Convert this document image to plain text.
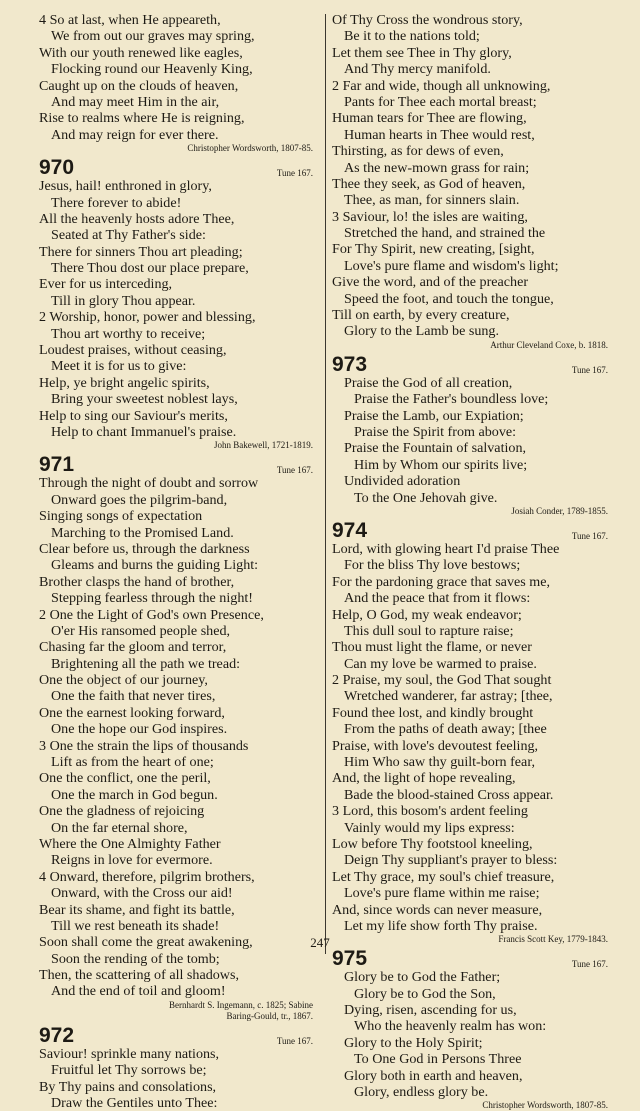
4 So at last, when He appeareth,
We from out our graves may spring,
With our youth renewed like eagles,
Flocking round our Heavenly King,
Caught up on the clouds of heaven,
And may meet Him in the air,
Rise to realms where He is reigning,
And may reign for ever there.
Christopher Wordsworth, 1807-85.
970	Tune 167.
Jesus, hail! enthroned in glory,
There forever to abide!
All the heavenly hosts adore Thee,
Seated at Thy Father's side:
There for sinners Thou art pleading;
There Thou dost our place prepare,
Ever for us interceding,
Till in glory Thou appear.
2 Worship, honor, power and blessing,
Thou art worthy to receive;
Loudest praises, without ceasing,
Meet it is for us to give:
Help, ye bright angelic spirits,
Bring your sweetest noblest lays,
Help to sing our Saviour's merits,
Help to chant Immanuel's praise.
John Bakewell, 1721-1819.
971	Tune 167.
Through the night of doubt and sorrow
Onward goes the pilgrim-band,
Singing songs of expectation
Marching to the Promised Land.
Clear before us, through the darkness
Gleams and burns the guiding Light:
Brother clasps the hand of brother,
Stepping fearless through the night!
2 One the Light of God's own Presence,
O'er His ransomed people shed,
Chasing far the gloom and terror,
Brightening all the path we tread:
One the object of our journey,
One the faith that never tires,
One the earnest looking forward,
One the hope our God inspires.
3 One the strain the lips of thousands
Lift as from the heart of one;
One the conflict, one the peril,
One the march in God begun.
One the gladness of rejoicing
On the far eternal shore,
Where the One Almighty Father
Reigns in love for evermore.
4 Onward, therefore, pilgrim brothers,
Onward, with the Cross our aid!
Bear its shame, and fight its battle,
Till we rest beneath its shade!
Soon shall come the great awakening,
Soon the rending of the tomb;
Then, the scattering of all shadows,
And the end of toil and gloom!
Bernhardt S. Ingemann, c. 1825; Sabine
Baring-Gould, tr., 1867.
972	Tune 167.
Saviour! sprinkle many nations,
Fruitful let Thy sorrows be;
By Thy pains and consolations,
Draw the Gentiles unto Thee:
Of Thy Cross the wondrous story,
Be it to the nations told;
Let them see Thee in Thy glory,
And Thy mercy manifold.
2 Far and wide, though all unknowing,
Pants for Thee each mortal breast;
Human tears for Thee are flowing,
Human hearts in Thee would rest,
Thirsting, as for dews of even,
As the new-mown grass for rain;
Thee they seek, as God of heaven,
Thee, as man, for sinners slain.
3 Saviour, lo! the isles are waiting,
Stretched the hand, and strained the
For Thy Spirit, new creating, [sight,
Love's pure flame and wisdom's light;
Give the word, and of the preacher
Speed the foot, and touch the tongue,
Till on earth, by every creature,
Glory to the Lamb be sung.
Arthur Cleveland Coxe, b. 1818.
973	Tune 167.
Praise the God of all creation,
Praise the Father's boundless love;
Praise the Lamb, our Expiation;
Praise the Spirit from above:
Praise the Fountain of salvation,
Him by Whom our spirits live;
Undivided adoration
To the One Jehovah give.
Josiah Conder, 1789-1855.
974	Tune 167.
Lord, with glowing heart I'd praise Thee
For the bliss Thy love bestows;
For the pardoning grace that saves me,
And the peace that from it flows:
Help, O God, my weak endeavor;
This dull soul to rapture raise;
Thou must light the flame, or never
Can my love be warmed to praise.
2 Praise, my soul, the God That sought
Wretched wanderer, far astray; [thee,
Found thee lost, and kindly brought
From the paths of death away; [thee
Praise, with love's devoutest feeling,
Him Who saw thy guilt-born fear,
And, the light of hope revealing,
Bade the blood-stained Cross appear.
3 Lord, this bosom's ardent feeling
Vainly would my lips express:
Low before Thy footstool kneeling,
Deign Thy suppliant's prayer to bless:
Let Thy grace, my soul's chief treasure,
Love's pure flame within me raise;
And, since words can never measure,
Let my life show forth Thy praise.
Francis Scott Key, 1779-1843.
975	Tune 167.
Glory be to God the Father;
Glory be to God the Son,
Dying, risen, ascending for us,
Who the heavenly realm has won:
Glory to the Holy Spirit;
To One God in Persons Three
Glory both in earth and heaven,
Glory, endless glory be.
Christopher Wordsworth, 1807-85.
247
